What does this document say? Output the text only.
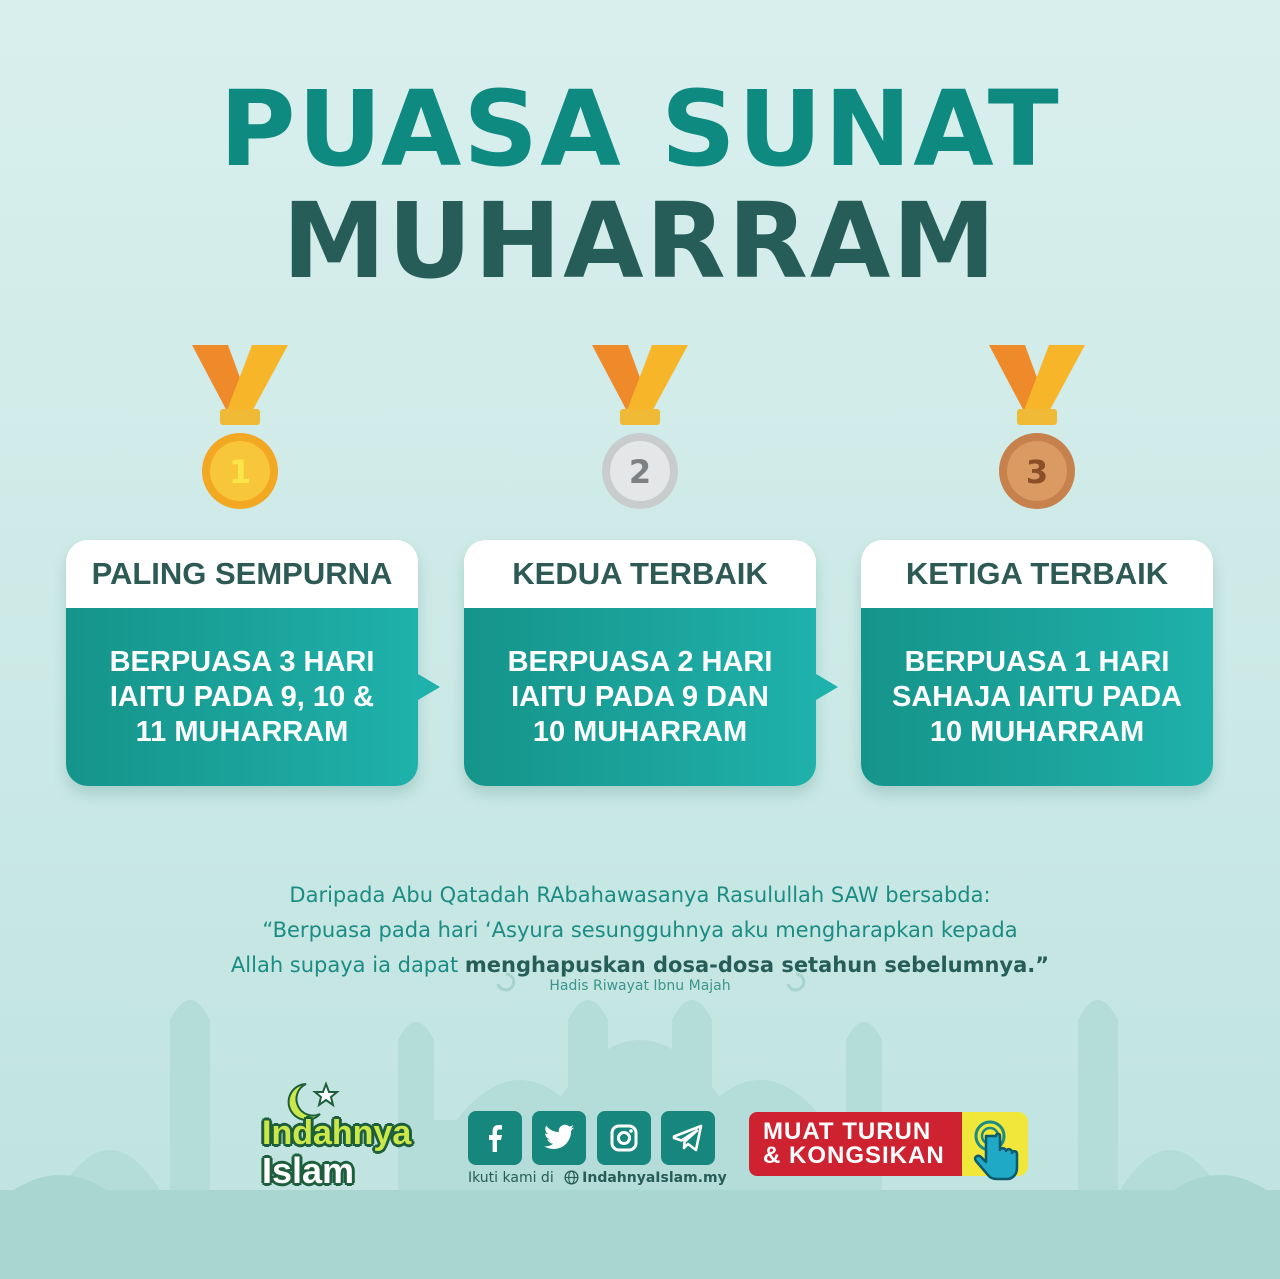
PUASA SUNAT
MUHARRAM
1	2	3
PALING SEMPURNA
BERPUASA 3 HARI
IAITU PADA 9, 10 &
11 MUHARRAM
KEDUA TERBAIK
BERPUASA 2 HARI
IAITU PADA 9 DAN
10 MUHARRAM
KETIGA TERBAIK
BERPUASA 1 HARI
SAHAJA IAITU PADA
10 MUHARRAM
Daripada Abu Qatadah RAbahawasanya Rasulullah SAW bersabda:
“Berpuasa pada hari ‘Asyura sesungguhnya aku mengharapkan kepada
Allah supaya ia dapat menghapuskan dosa-dosa setahun sebelumnya.”
Hadis Riwayat Ibnu Majah
Indahnya
Islam	Ikuti kami di IndahnyaIslam.my
MUAT TURUN
& KONGSIKAN
